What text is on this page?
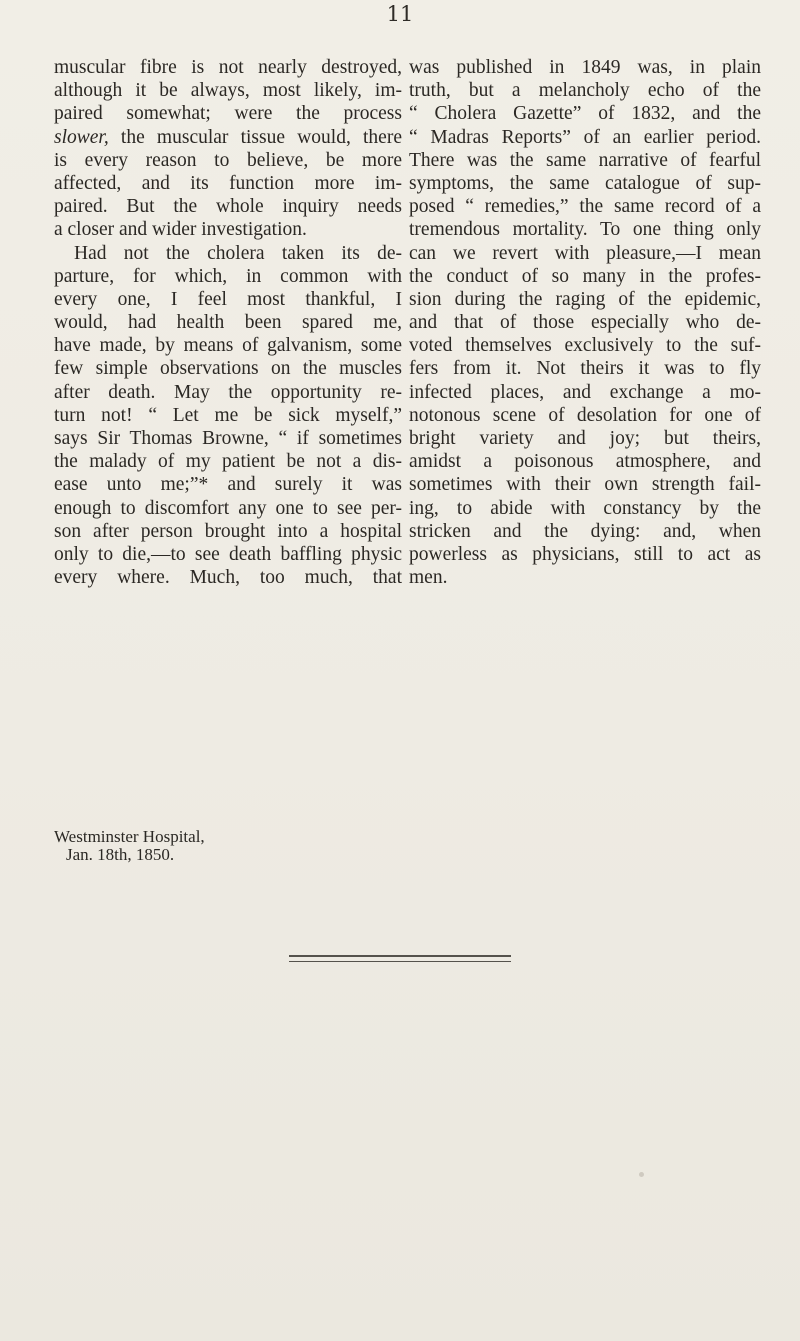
11
muscular fibre is not nearly destroyed,
although it be always, most likely, im-
paired somewhat; were the process
slower, the muscular tissue would, there
is every reason to believe, be more
affected, and its function more im-
paired. But the whole inquiry needs
a closer and wider investigation.
Had not the cholera taken its de-
parture, for which, in common with
every one, I feel most thankful, I
would, had health been spared me,
have made, by means of galvanism, some
few simple observations on the muscles
after death. May the opportunity re-
turn not! “ Let me be sick myself,”
says Sir Thomas Browne, “ if sometimes
the malady of my patient be not a dis-
ease unto me;”* and surely it was
enough to discomfort any one to see per-
son after person brought into a hospital
only to die,—to see death baffling physic
every where. Much, too much, that
was published in 1849 was, in plain
truth, but a melancholy echo of the
“ Cholera Gazette” of 1832, and the
“ Madras Reports” of an earlier period.
There was the same narrative of fearful
symptoms, the same catalogue of sup-
posed “ remedies,” the same record of a
tremendous mortality. To one thing only
can we revert with pleasure,—I mean
the conduct of so many in the profes-
sion during the raging of the epidemic,
and that of those especially who de-
voted themselves exclusively to the suf-
fers from it. Not theirs it was to fly
infected places, and exchange a mo-
notonous scene of desolation for one of
bright variety and joy; but theirs,
amidst a poisonous atmosphere, and
sometimes with their own strength fail-
ing, to abide with constancy by the
stricken and the dying: and, when
powerless as physicians, still to act as
men.
Westminster Hospital,
Jan. 18th, 1850.
